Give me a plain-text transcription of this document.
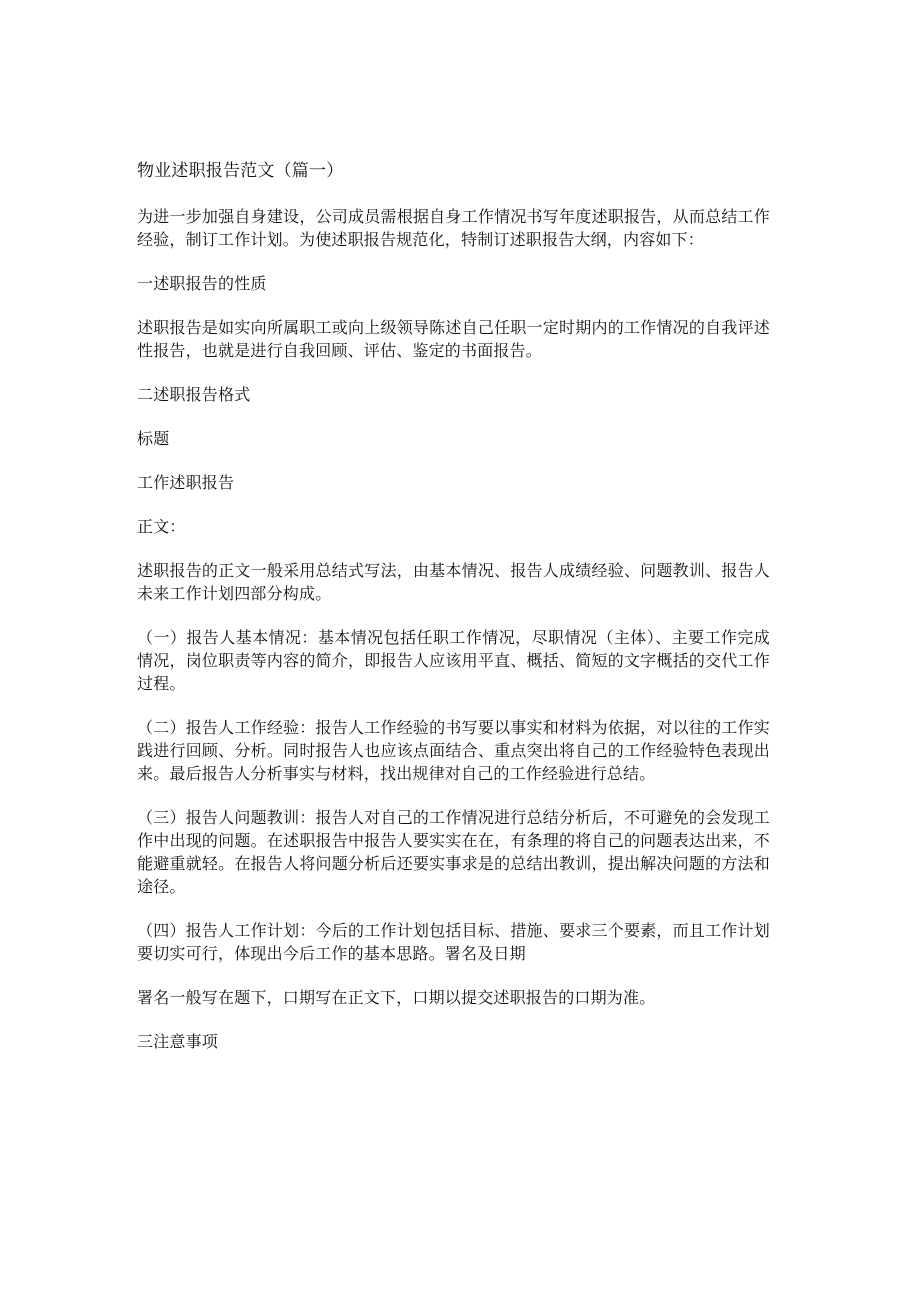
物业述职报告范文（篇一）

为进一步加强自身建设，公司成员需根据自身工作情况书写年度述职报告，从而总结工作经验，制订工作计划。为使述职报告规范化，特制订述职报告大纲，内容如下：

一述职报告的性质

述职报告是如实向所属职工或向上级领导陈述自己任职一定时期内的工作情况的自我评述性报告，也就是进行自我回顾、评估、鉴定的书面报告。

二述职报告格式

标题

工作述职报告

正文：

述职报告的正文一般采用总结式写法，由基本情况、报告人成绩经验、问题教训、报告人未来工作计划四部分构成。

（一）报告人基本情况：基本情况包括任职工作情况，尽职情况（主体）、主要工作完成情况，岗位职责等内容的简介，即报告人应该用平直、概括、简短的文字概括的交代工作过程。

（二）报告人工作经验：报告人工作经验的书写要以事实和材料为依据，对以往的工作实践进行回顾、分析。同时报告人也应该点面结合、重点突出将自己的工作经验特色表现出来。最后报告人分析事实与材料，找出规律对自己的工作经验进行总结。

（三）报告人问题教训：报告人对自己的工作情况进行总结分析后，不可避免的会发现工作中出现的问题。在述职报告中报告人要实实在在，有条理的将自己的问题表达出来，不能避重就轻。在报告人将问题分析后还要实事求是的总结出教训，提出解决问题的方法和途径。

（四）报告人工作计划：今后的工作计划包括目标、措施、要求三个要素，而且工作计划要切实可行，体现出今后工作的基本思路。署名及日期

署名一般写在题下，口期写在正文下，口期以提交述职报告的口期为准。

三注意事项
